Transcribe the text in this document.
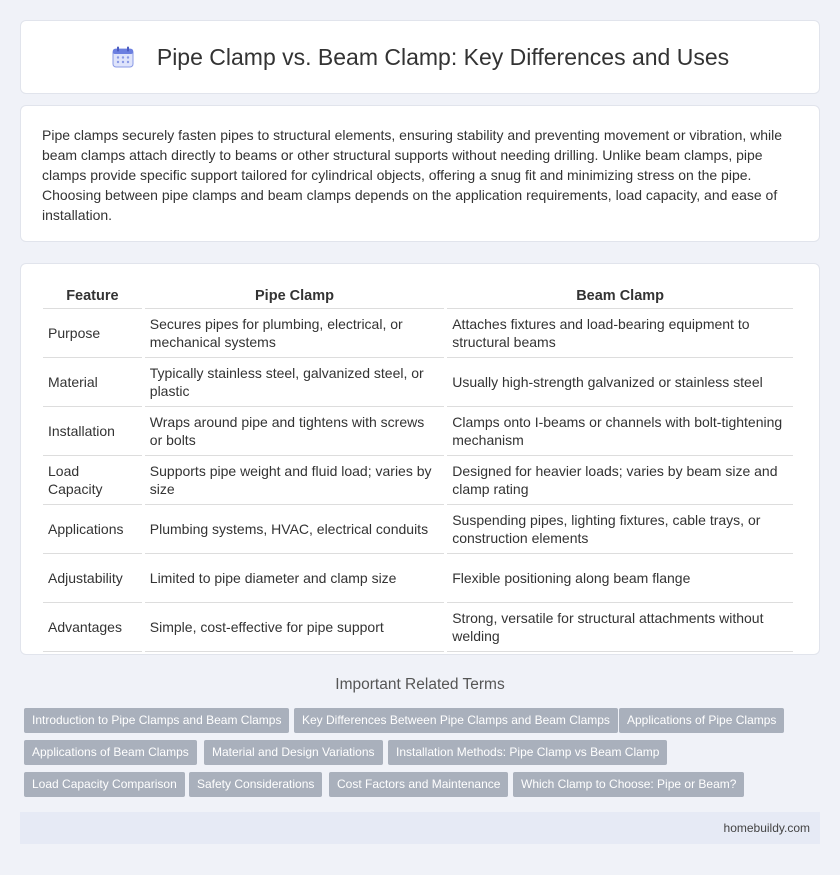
Pipe Clamp vs. Beam Clamp: Key Differences and Uses

Pipe clamps securely fasten pipes to structural elements, ensuring stability and preventing movement or vibration, while beam clamps attach directly to beams or other structural supports without needing drilling. Unlike beam clamps, pipe clamps provide specific support tailored for cylindrical objects, offering a snug fit and minimizing stress on the pipe. Choosing between pipe clamps and beam clamps depends on the application requirements, load capacity, and ease of installation.

Feature	Pipe Clamp	Beam Clamp
Purpose	Secures pipes for plumbing, electrical, or mechanical systems	Attaches fixtures and load-bearing equipment to structural beams
Material	Typically stainless steel, galvanized steel, or plastic	Usually high-strength galvanized or stainless steel
Installation	Wraps around pipe and tightens with screws or bolts	Clamps onto I-beams or channels with bolt-tightening mechanism
Load Capacity	Supports pipe weight and fluid load; varies by size	Designed for heavier loads; varies by beam size and clamp rating
Applications	Plumbing systems, HVAC, electrical conduits	Suspending pipes, lighting fixtures, cable trays, or construction elements
Adjustability	Limited to pipe diameter and clamp size	Flexible positioning along beam flange
Advantages	Simple, cost-effective for pipe support	Strong, versatile for structural attachments without welding
Important Related Terms
Introduction to Pipe Clamps and Beam Clamps	Key Differences Between Pipe Clamps and Beam Clamps	Applications of Pipe Clamps
Applications of Beam Clamps	Material and Design Variations	Installation Methods: Pipe Clamp vs Beam Clamp
Load Capacity Comparison	Safety Considerations	Cost Factors and Maintenance	Which Clamp to Choose: Pipe or Beam?
homebuildy.com
